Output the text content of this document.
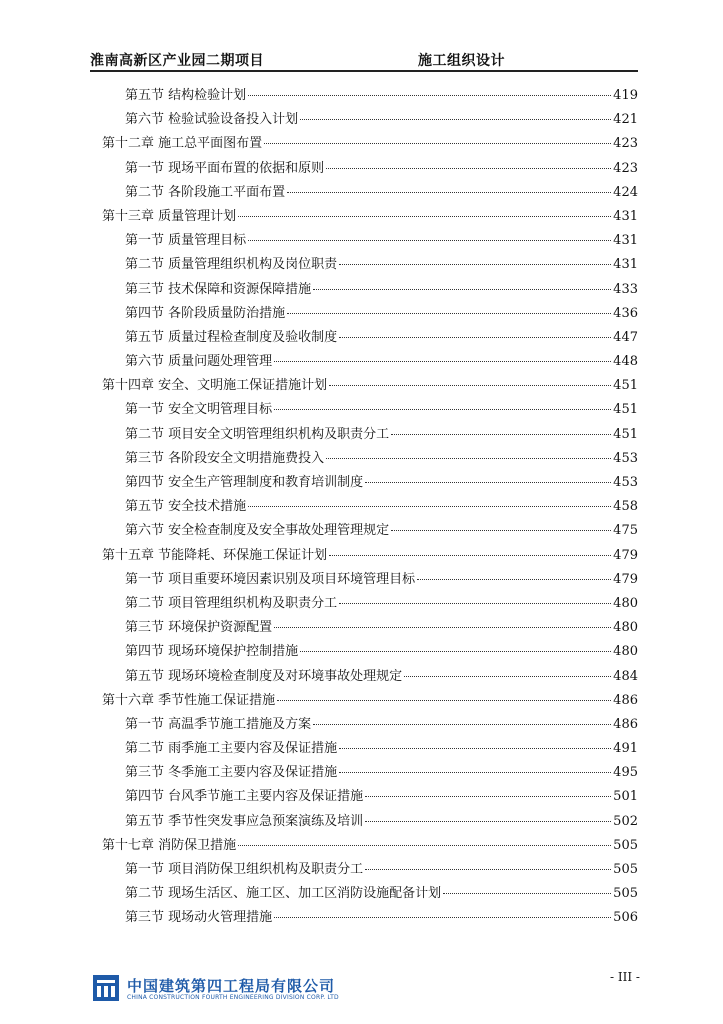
淮南高新区产业园二期项目	施工组织设计
第五节 结构检验计划	419
第六节 检验试验设备投入计划	421
第十二章 施工总平面图布置	423
第一节 现场平面布置的依据和原则	423
第二节 各阶段施工平面布置	424
第十三章 质量管理计划	431
第一节 质量管理目标	431
第二节 质量管理组织机构及岗位职责	431
第三节 技术保障和资源保障措施	433
第四节 各阶段质量防治措施	436
第五节 质量过程检查制度及验收制度	447
第六节 质量问题处理管理	448
第十四章 安全、文明施工保证措施计划	451
第一节 安全文明管理目标	451
第二节 项目安全文明管理组织机构及职责分工	451
第三节 各阶段安全文明措施费投入	453
第四节 安全生产管理制度和教育培训制度	453
第五节 安全技术措施	458
第六节 安全检查制度及安全事故处理管理规定	475
第十五章 节能降耗、环保施工保证计划	479
第一节 项目重要环境因素识别及项目环境管理目标	479
第二节 项目管理组织机构及职责分工	480
第三节 环境保护资源配置	480
第四节 现场环境保护控制措施	480
第五节 现场环境检查制度及对环境事故处理规定	484
第十六章 季节性施工保证措施	486
第一节 高温季节施工措施及方案	486
第二节 雨季施工主要内容及保证措施	491
第三节 冬季施工主要内容及保证措施	495
第四节 台风季节施工主要内容及保证措施	501
第五节 季节性突发事应急预案演练及培训	502
第十七章 消防保卫措施	505
第一节 项目消防保卫组织机构及职责分工	505
第二节 现场生活区、施工区、加工区消防设施配备计划	505
第三节 现场动火管理措施	506
- III -
中国建筑第四工程局有限公司
CHINA CONSTRUCTION FOURTH ENGINEERING DIVISION CORP. LTD
